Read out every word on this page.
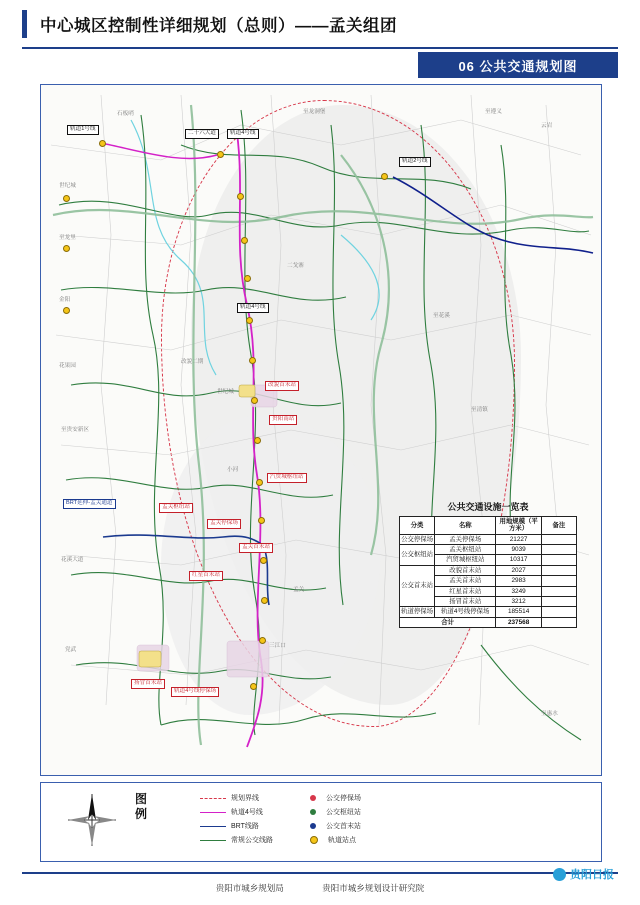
中心城区控制性详细规划（总则）——孟关组团
06 公共交通规划图
轨道1号线
轨道4号线
轨道2号线
轨道4号线
BRT延伸-孟关通道
二十六大道
改貌首末站
贵阳南站
汽贸城枢纽站
孟关枢纽站
孟关停保场
孟关首末站
红星首末站
扬冒首末站
轨道4号线停保场
石板哨	至龙洞堡	至遵义
云岩
世纪城
至龙里
金阳
花果园
至贵安新区
花溪大道
党武
改貌二期
世纪城
小河
二戈寨
至花溪
至清镇
至惠水
孟关
三江口
公共交通设施一览表
分类	名称	用地规模（平方米）	备注
公交停保场	孟关停保场	21227	
公交枢纽站	孟关枢纽站	9039	
	汽贸城枢纽站	10317	
公交首末站	改貌首末站	2027	
	孟关首末站	2983	
	红星首末站	3249	
	扬冒首末站	3212	
轨道停保场	轨道4号线停保场	185514	
合计		237568	
图例
规划界线
轨道4号线
BRT线路
常规公交线路
公交停保场
公交枢纽站
公交首末站
轨道站点
贵阳日报
贵阳市城乡规划局	贵阳市城乡规划设计研究院
